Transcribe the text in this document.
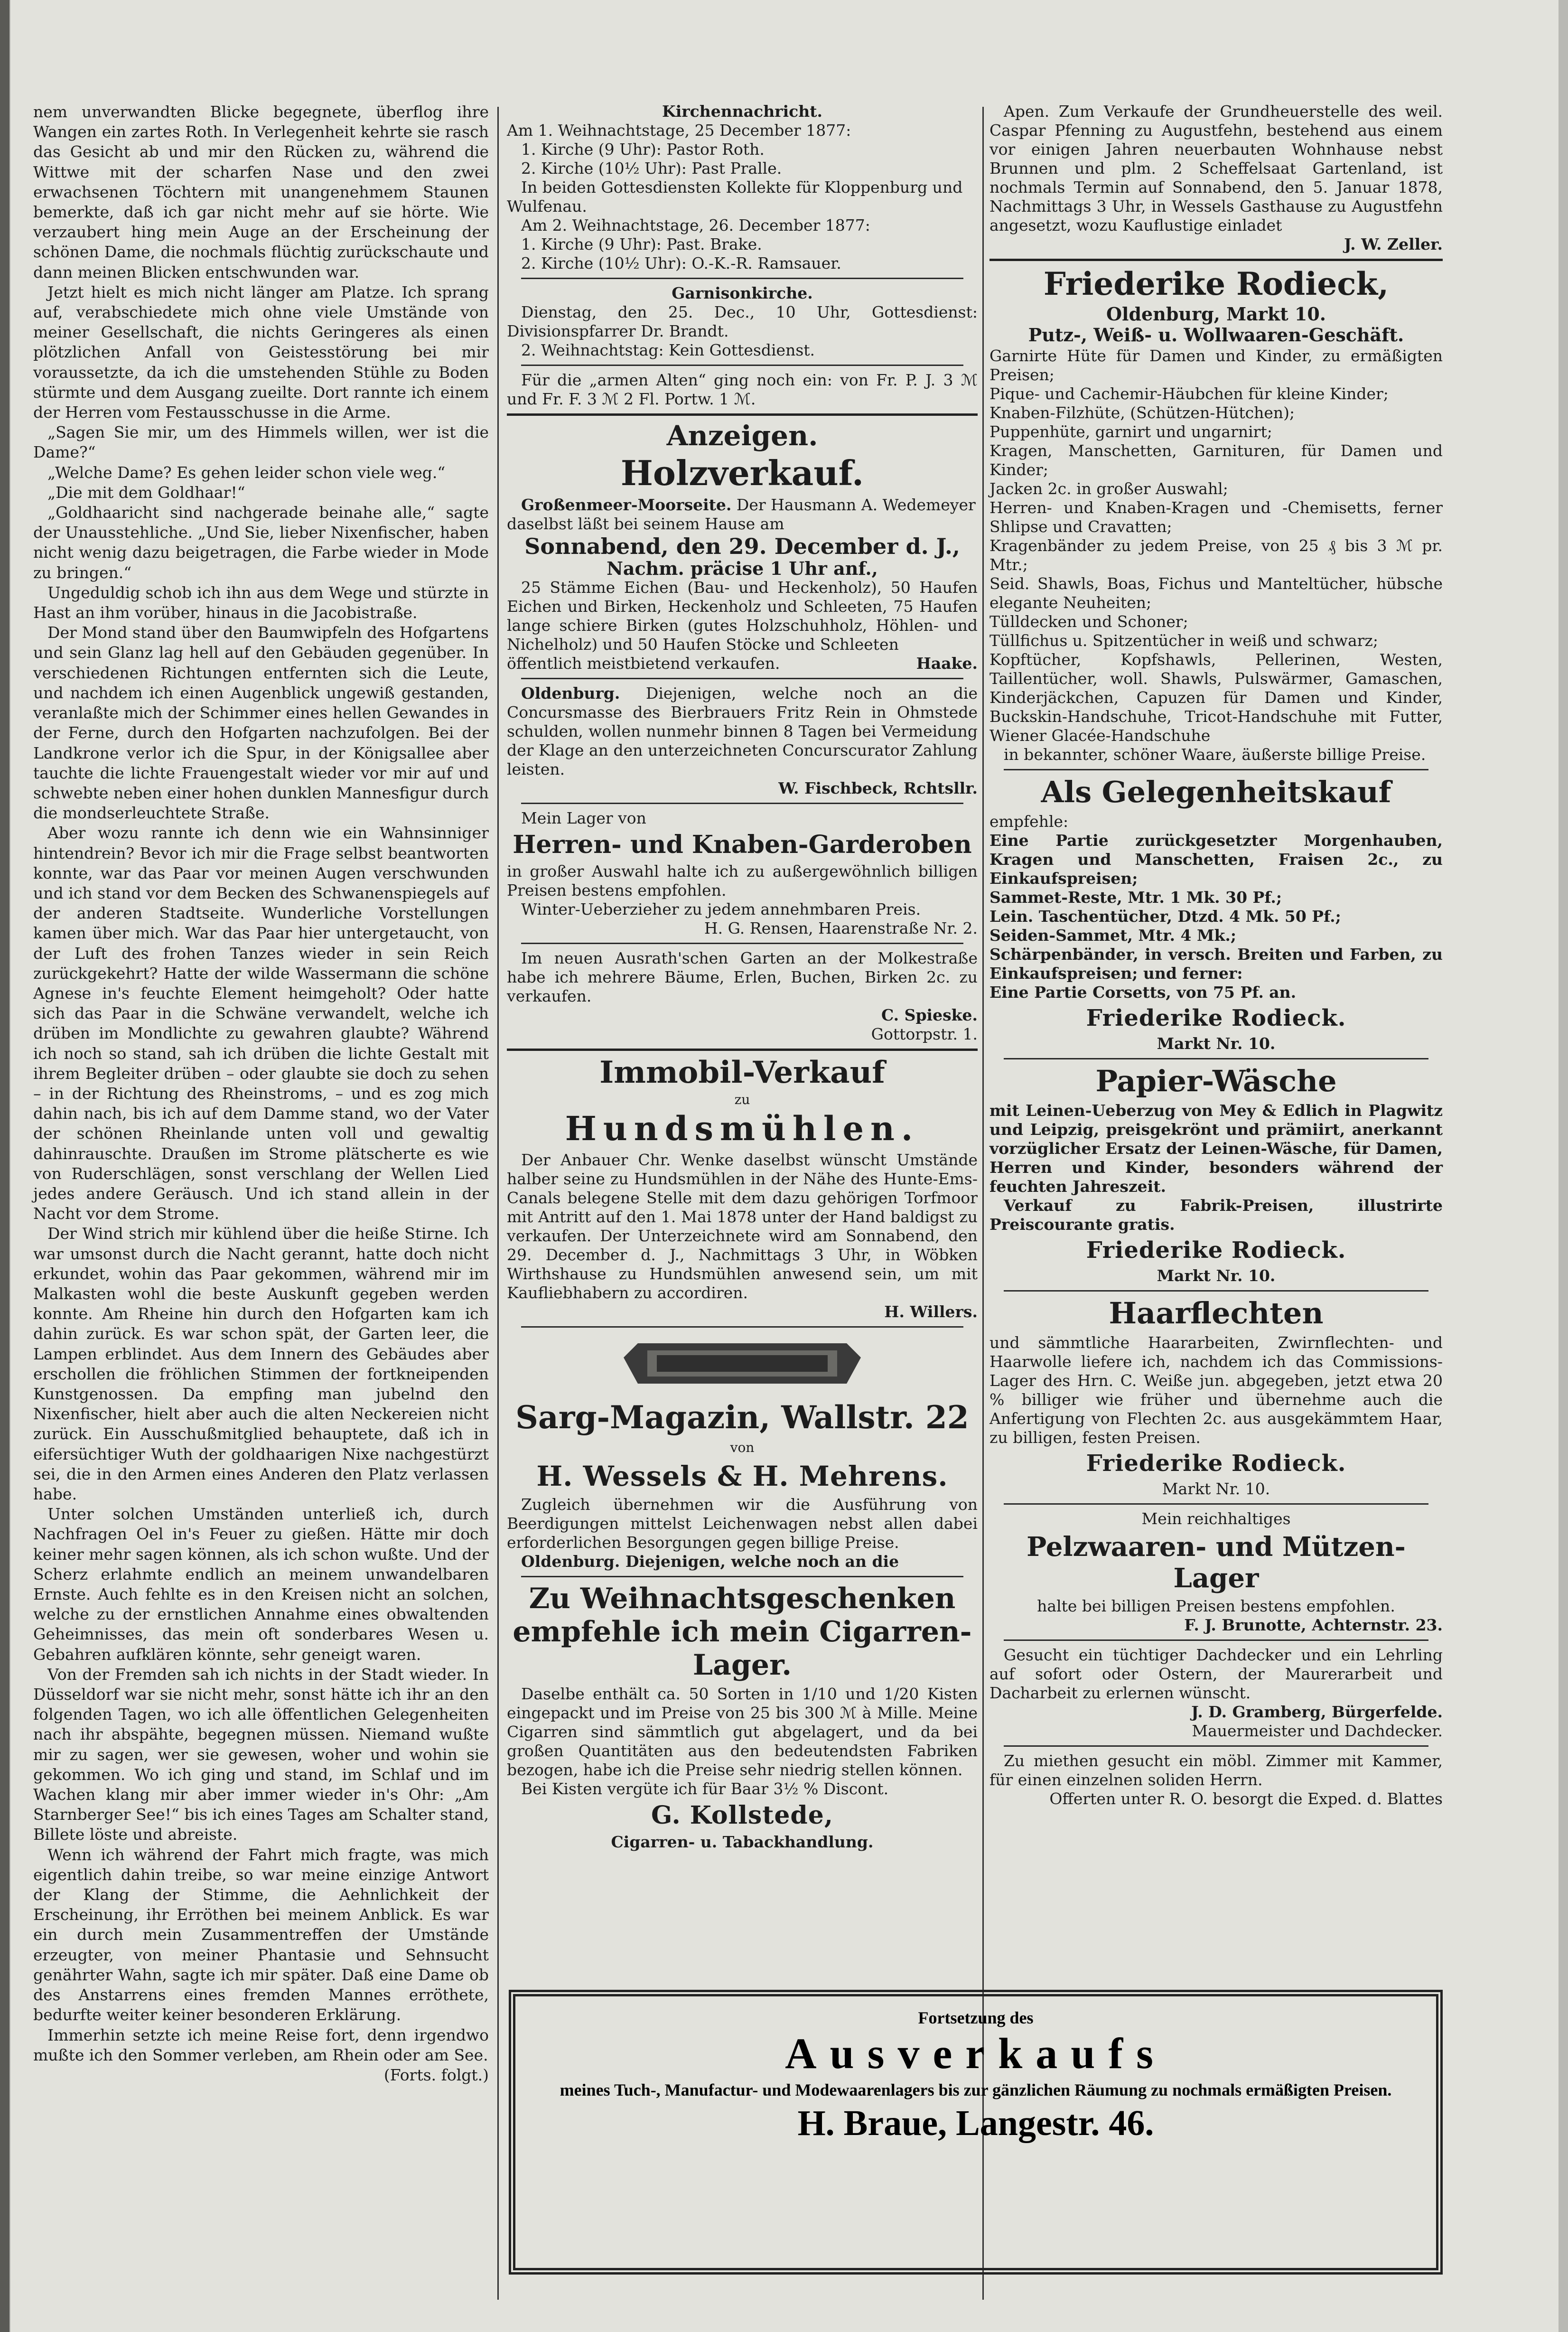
nem unverwandten Blicke begegnete, überflog ihre Wangen ein zartes Roth. In Verlegenheit kehrte sie rasch das Gesicht ab und mir den Rücken zu, während die Wittwe mit der scharfen Nase und den zwei erwachsenen Töchtern mit unangenehmem Staunen bemerkte, daß ich gar nicht mehr auf sie hörte. Wie verzaubert hing mein Auge an der Erscheinung der schönen Dame, die nochmals flüchtig zurückschaute und dann meinen Blicken entschwunden war.

Jetzt hielt es mich nicht länger am Platze. Ich sprang auf, verabschiedete mich ohne viele Umstände von meiner Gesellschaft, die nichts Geringeres als einen plötzlichen Anfall von Geistesstörung bei mir voraussetzte, da ich die umstehenden Stühle zu Boden stürmte und dem Ausgang zueilte. Dort rannte ich einem der Herren vom Festausschusse in die Arme.

„Sagen Sie mir, um des Himmels willen, wer ist die Dame?“

„Welche Dame? Es gehen leider schon viele weg.“

„Die mit dem Goldhaar!“

„Goldhaaricht sind nachgerade beinahe alle,“ sagte der Unausstehliche. „Und Sie, lieber Nixenfischer, haben nicht wenig dazu beigetragen, die Farbe wieder in Mode zu bringen.“

Ungeduldig schob ich ihn aus dem Wege und stürzte in Hast an ihm vorüber, hinaus in die Jacobistraße.

Der Mond stand über den Baumwipfeln des Hofgartens und sein Glanz lag hell auf den Gebäuden gegenüber. In verschiedenen Richtungen entfernten sich die Leute, und nachdem ich einen Augenblick ungewiß gestanden, veranlaßte mich der Schimmer eines hellen Gewandes in der Ferne, durch den Hofgarten nachzufolgen. Bei der Landkrone verlor ich die Spur, in der Königsallee aber tauchte die lichte Frauengestalt wieder vor mir auf und schwebte neben einer hohen dunklen Mannesfigur durch die mondserleuchtete Straße.

Aber wozu rannte ich denn wie ein Wahnsinniger hintendrein? Bevor ich mir die Frage selbst beantworten konnte, war das Paar vor meinen Augen verschwunden und ich stand vor dem Becken des Schwanenspiegels auf der anderen Stadtseite. Wunderliche Vorstellungen kamen über mich. War das Paar hier untergetaucht, von der Luft des frohen Tanzes wieder in sein Reich zurückgekehrt? Hatte der wilde Wassermann die schöne Agnese in's feuchte Element heimgeholt? Oder hatte sich das Paar in die Schwäne verwandelt, welche ich drüben im Mondlichte zu gewahren glaubte? Während ich noch so stand, sah ich drüben die lichte Gestalt mit ihrem Begleiter drüben – oder glaubte sie doch zu sehen – in der Richtung des Rheinstroms, – und es zog mich dahin nach, bis ich auf dem Damme stand, wo der Vater der schönen Rheinlande unten voll und gewaltig dahinrauschte. Draußen im Strome plätscherte es wie von Ruderschlägen, sonst verschlang der Wellen Lied jedes andere Geräusch. Und ich stand allein in der Nacht vor dem Strome.

Der Wind strich mir kühlend über die heiße Stirne. Ich war umsonst durch die Nacht gerannt, hatte doch nicht erkundet, wohin das Paar gekommen, während mir im Malkasten wohl die beste Auskunft gegeben werden konnte. Am Rheine hin durch den Hofgarten kam ich dahin zurück. Es war schon spät, der Garten leer, die Lampen erblindet. Aus dem Innern des Gebäudes aber erschollen die fröhlichen Stimmen der fortkneipenden Kunstgenossen. Da empfing man jubelnd den Nixenfischer, hielt aber auch die alten Neckereien nicht zurück. Ein Ausschußmitglied behauptete, daß ich in eifersüchtiger Wuth der goldhaarigen Nixe nachgestürzt sei, die in den Armen eines Anderen den Platz verlassen habe.

Unter solchen Umständen unterließ ich, durch Nachfragen Oel in's Feuer zu gießen. Hätte mir doch keiner mehr sagen können, als ich schon wußte. Und der Scherz erlahmte endlich an meinem unwandelbaren Ernste. Auch fehlte es in den Kreisen nicht an solchen, welche zu der ernstlichen Annahme eines obwaltenden Geheimnisses, das mein oft sonderbares Wesen u. Gebahren aufklären könnte, sehr geneigt waren.

Von der Fremden sah ich nichts in der Stadt wieder. In Düsseldorf war sie nicht mehr, sonst hätte ich ihr an den folgenden Tagen, wo ich alle öffentlichen Gelegenheiten nach ihr abspähte, begegnen müssen. Niemand wußte mir zu sagen, wer sie gewesen, woher und wohin sie gekommen. Wo ich ging und stand, im Schlaf und im Wachen klang mir aber immer wieder in's Ohr: „Am Starnberger See!“ bis ich eines Tages am Schalter stand, Billete löste und abreiste.

Wenn ich während der Fahrt mich fragte, was mich eigentlich dahin treibe, so war meine einzige Antwort der Klang der Stimme, die Aehnlichkeit der Erscheinung, ihr Erröthen bei meinem Anblick. Es war ein durch mein Zusammentreffen der Umstände erzeugter, von meiner Phantasie und Sehnsucht genährter Wahn, sagte ich mir später. Daß eine Dame ob des Anstarrens eines fremden Mannes erröthete, bedurfte weiter keiner besonderen Erklärung.

Immerhin setzte ich meine Reise fort, denn irgendwo mußte ich den Sommer verleben, am Rhein oder am See.

(Forts. folgt.)

Kirchennachricht.

Am 1. Weihnachtstage, 25 December 1877:

1. Kirche (9 Uhr): Pastor Roth.

2. Kirche (10½ Uhr): Past Pralle.

In beiden Gottesdiensten Kollekte für Kloppenburg und Wulfenau.

Am 2. Weihnachtstage, 26. December 1877:

1. Kirche (9 Uhr): Past. Brake.

2. Kirche (10½ Uhr): O.-K.-R. Ramsauer.

Garnisonkirche.

Dienstag, den 25. Dec., 10 Uhr, Gottesdienst: Divisionspfarrer Dr. Brandt.

2. Weihnachtstag: Kein Gottesdienst.

Für die „armen Alten“ ging noch ein: von Fr. P. J. 3 ℳ und Fr. F. 3 ℳ 2 Fl. Portw. 1 ℳ.

Anzeigen.

Holzverkauf.

Großenmeer-Moorseite. Der Hausmann A. Wedemeyer daselbst läßt bei seinem Hause am

Sonnabend, den 29. December d. J.,

Nachm. präcise 1 Uhr anf.,

25 Stämme Eichen (Bau- und Heckenholz), 50 Haufen Eichen und Birken, Heckenholz und Schleeten, 75 Haufen lange schiere Birken (gutes Holzschuhholz, Höhlen- und Nichelholz) und 50 Haufen Stöcke und Schleeten

öffentlich meistbietend verkaufen.	Haake.

Oldenburg. Diejenigen, welche noch an die Concursmasse des Bierbrauers Fritz Rein in Ohmstede schulden, wollen nunmehr binnen 8 Tagen bei Vermeidung der Klage an den unterzeichneten Concurscurator Zahlung leisten.

W. Fischbeck, Rchtsllr.

Mein Lager von

Herren- und Knaben-Garderoben

in großer Auswahl halte ich zu außergewöhnlich billigen Preisen bestens empfohlen.

Winter-Ueberzieher zu jedem annehmbaren Preis.

H. G. Rensen, Haarenstraße Nr. 2.

Im neuen Ausrath'schen Garten an der Molkestraße habe ich mehrere Bäume, Erlen, Buchen, Birken 2c. zu verkaufen.

C. Spieske.

Gottorpstr. 1.

Immobil-Verkauf

zu

Hundsmühlen.

Der Anbauer Chr. Wenke daselbst wünscht Umstände halber seine zu Hundsmühlen in der Nähe des Hunte-Ems-Canals belegene Stelle mit dem dazu gehörigen Torfmoor mit Antritt auf den 1. Mai 1878 unter der Hand baldigst zu verkaufen. Der Unterzeichnete wird am Sonnabend, den 29. December d. J., Nachmittags 3 Uhr, in Wöbken Wirthshause zu Hundsmühlen anwesend sein, um mit Kaufliebhabern zu accordiren.

H. Willers.

Sarg-Magazin, Wallstr. 22

von

H. Wessels & H. Mehrens.

Zugleich übernehmen wir die Ausführung von Beerdigungen mittelst Leichenwagen nebst allen dabei erforderlichen Besorgungen gegen billige Preise.

Oldenburg. Diejenigen, welche noch an die

Zu Weihnachtsgeschenken empfehle ich mein Cigarren-Lager.

Daselbe enthält ca. 50 Sorten in 1/10 und 1/20 Kisten eingepackt und im Preise von 25 bis 300 ℳ à Mille. Meine Cigarren sind sämmtlich gut abgelagert, und da bei großen Quantitäten aus den bedeutendsten Fabriken bezogen, habe ich die Preise sehr niedrig stellen können.

Bei Kisten vergüte ich für Baar 3½ % Discont.

G. Kollstede,

Cigarren- u. Tabackhandlung.

Apen. Zum Verkaufe der Grundheuerstelle des weil. Caspar Pfenning zu Augustfehn, bestehend aus einem vor einigen Jahren neuerbauten Wohnhause nebst Brunnen und plm. 2 Scheffelsaat Gartenland, ist nochmals Termin auf Sonnabend, den 5. Januar 1878, Nachmittags 3 Uhr, in Wessels Gasthause zu Augustfehn angesetzt, wozu Kauflustige einladet

J. W. Zeller.

Friederike Rodieck,

Oldenburg, Markt 10.

Putz-, Weiß- u. Wollwaaren-Geschäft.

Garnirte Hüte für Damen und Kinder, zu ermäßigten Preisen;

Pique- und Cachemir-Häubchen für kleine Kinder;

Knaben-Filzhüte, (Schützen-Hütchen);

Puppenhüte, garnirt und ungarnirt;

Kragen, Manschetten, Garnituren, für Damen und Kinder;

Jacken 2c. in großer Auswahl;

Herren- und Knaben-Kragen und -Chemisetts, ferner Shlipse und Cravatten;

Kragenbänder zu jedem Preise, von 25 ₰ bis 3 ℳ pr. Mtr.;

Seid. Shawls, Boas, Fichus und Manteltücher, hübsche elegante Neuheiten;

Tülldecken und Schoner;

Tüllfichus u. Spitzentücher in weiß und schwarz;

Kopftücher, Kopfshawls, Pellerinen, Westen, Taillentücher, woll. Shawls, Pulswärmer, Gamaschen, Kinderjäckchen, Capuzen für Damen und Kinder, Buckskin-Handschuhe, Tricot-Handschuhe mit Futter, Wiener Glacée-Handschuhe

in bekannter, schöner Waare, äußerste billige Preise.

Als Gelegenheitskauf

empfehle:

Eine Partie zurückgesetzter Morgenhauben, Kragen und Manschetten, Fraisen 2c., zu Einkaufspreisen;

Sammet-Reste, Mtr. 1 Mk. 30 Pf.;

Lein. Taschentücher, Dtzd. 4 Mk. 50 Pf.;

Seiden-Sammet, Mtr. 4 Mk.;

Schärpenbänder, in versch. Breiten und Farben, zu Einkaufspreisen; und ferner:

Eine Partie Corsetts, von 75 Pf. an.

Friederike Rodieck.

Markt Nr. 10.

Papier-Wäsche

mit Leinen-Ueberzug von Mey & Edlich in Plagwitz und Leipzig, preisgekrönt und prämiirt, anerkannt vorzüglicher Ersatz der Leinen-Wäsche, für Damen, Herren und Kinder, besonders während der feuchten Jahreszeit.

Verkauf zu Fabrik-Preisen, illustrirte Preiscourante gratis.

Friederike Rodieck.

Markt Nr. 10.

Haarflechten

und sämmtliche Haararbeiten, Zwirnflechten- und Haarwolle liefere ich, nachdem ich das Commissions-Lager des Hrn. C. Weiße jun. abgegeben, jetzt etwa 20 % billiger wie früher und übernehme auch die Anfertigung von Flechten 2c. aus ausgekämmtem Haar, zu billigen, festen Preisen.

Friederike Rodieck.

Markt Nr. 10.

Mein reichhaltiges

Pelzwaaren- und Mützen-Lager

halte bei billigen Preisen bestens empfohlen.

F. J. Brunotte, Achternstr. 23.

Gesucht ein tüchtiger Dachdecker und ein Lehrling auf sofort oder Ostern, der Maurerarbeit und Dacharbeit zu erlernen wünscht.

J. D. Gramberg, Bürgerfelde.

Mauermeister und Dachdecker.

Zu miethen gesucht ein möbl. Zimmer mit Kammer, für einen einzelnen soliden Herrn.

Offerten unter R. O. besorgt die Exped. d. Blattes

Fortsetzung des

Ausverkaufs

meines Tuch-, Manufactur- und Modewaarenlagers bis zur gänzlichen Räumung zu nochmals ermäßigten Preisen.

H. Braue, Langestr. 46.
